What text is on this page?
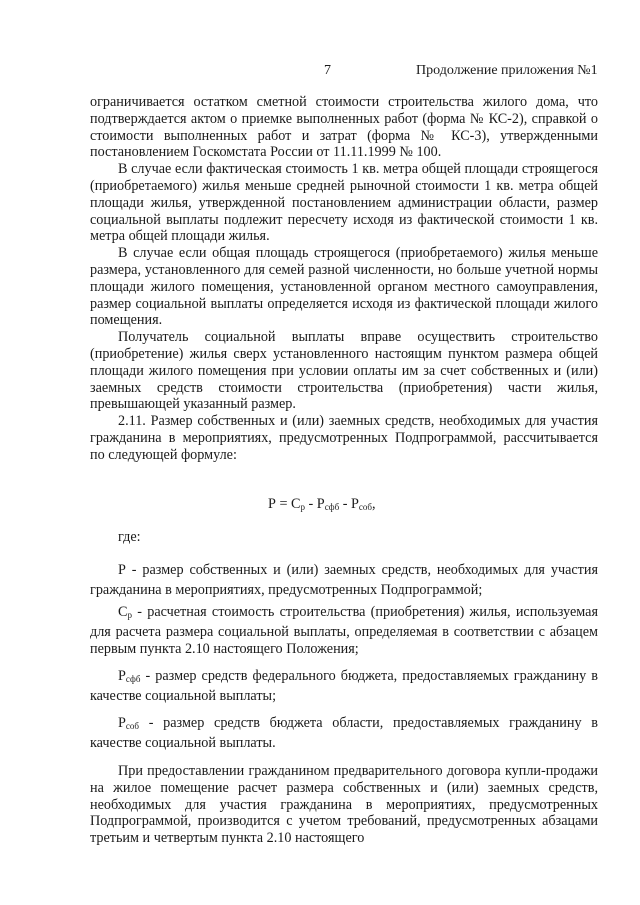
7	Продолжение приложения №1

ограничивается остатком сметной стоимости строительства жилого дома, что подтверждается актом о приемке выполненных работ (форма № КС-2), справкой о стоимости выполненных работ и затрат (форма № КС-3), утвержденными постановлением Госкомстата России от 11.11.1999 № 100.

В случае если фактическая стоимость 1 кв. метра общей площади строящегося (приобретаемого) жилья меньше средней рыночной стоимости 1 кв. метра общей площади жилья, утвержденной постановлением администрации области, размер социальной выплаты подлежит пересчету исходя из фактической стоимости 1 кв. метра общей площади жилья.

В случае если общая площадь строящегося (приобретаемого) жилья меньше размера, установленного для семей разной численности, но больше учетной нормы площади жилого помещения, установленной органом местного самоуправления, размер социальной выплаты определяется исходя из фактической площади жилого помещения.

Получатель социальной выплаты вправе осуществить строительство (приобретение) жилья сверх установленного настоящим пунктом размера общей площади жилого помещения при условии оплаты им за счет собственных и (или) заемных средств стоимости строительства (приобретения) части жилья, превышающей указанный размер.

2.11. Размер собственных и (или) заемных средств, необходимых для участия гражданина в мероприятиях, предусмотренных Подпрограммой, рассчитывается по следующей формуле:

$Р = С_р - Р_{сфб} - Р_{соб}$,

где:

Р - размер собственных и (или) заемных средств, необходимых для участия гражданина в мероприятиях, предусмотренных Подпрограммой;

$С_р$ - расчетная стоимость строительства (приобретения) жилья, используемая для расчета размера социальной выплаты, определяемая в соответствии с абзацем первым пункта 2.10 настоящего Положения;

$Р_{сфб}$ - размер средств федерального бюджета, предоставляемых гражданину в качестве социальной выплаты;

$Р_{соб}$ - размер средств бюджета области, предоставляемых гражданину в качестве социальной выплаты.

При предоставлении гражданином предварительного договора купли-продажи на жилое помещение расчет размера собственных и (или) заемных средств, необходимых для участия гражданина в мероприятиях, предусмотренных Подпрограммой, производится с учетом требований, предусмотренных абзацами третьим и четвертым пункта 2.10 настоящего
